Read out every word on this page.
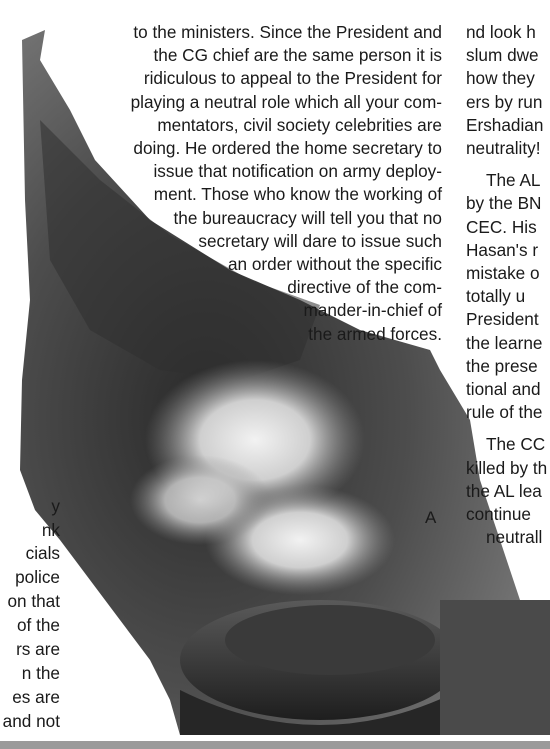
y
nk
cials
police
on that
of the
rs are
n the
es are
and not
to the ministers. Since the President and
the CG chief are the same person it is
ridiculous to appeal to the President for
playing a neutral role which all your com-
mentators, civil society celebrities are
doing. He ordered the home secretary to
issue that notification on army deploy-
ment. Those who know the working of
the bureaucracy will tell you that no
secretary will dare to issue such
an order without the specific
directive of the com-
mander-in-chief of
the armed forces.
nd look h
slum dwe
how they
ers by run
Ershadian
neutrality!
The AL
by the BN
CEC. His
Hasan's r
mistake o
totally u
President
the learne
the prese
tional and
rule of the
The CC
killed by th
the AL lea
continue
neutrall
A
